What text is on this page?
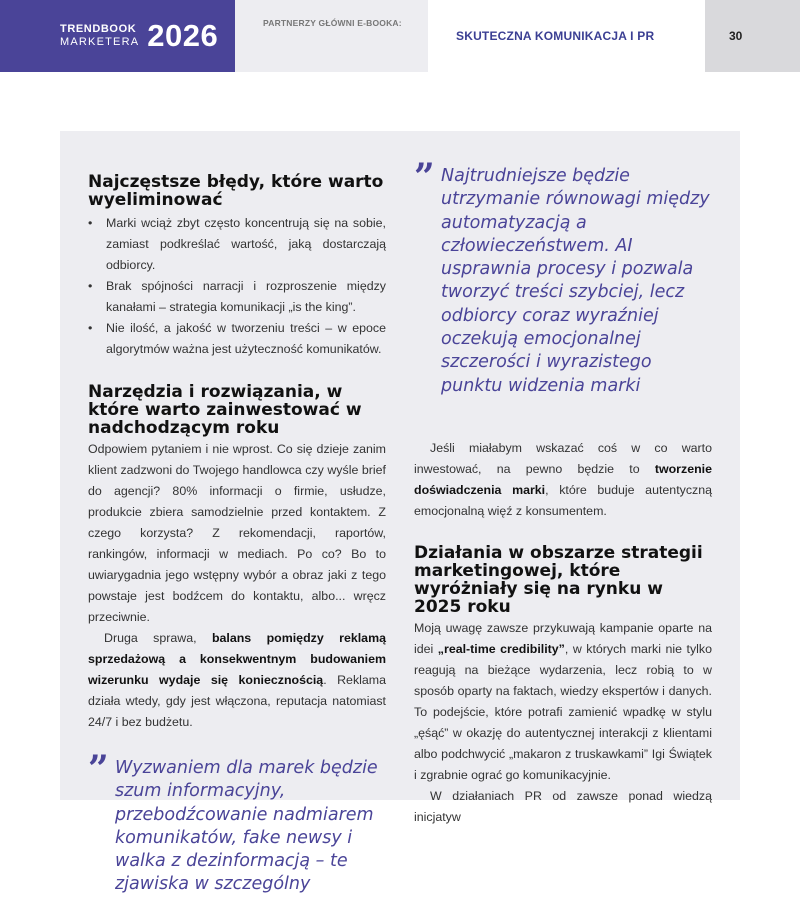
TRENDBOOK
MARKETERA 2026	PARTNERZY GŁÓWNI E-BOOKA:
SKUTECZNA KOMUNIKACJA I PR	30
Najczęstsze błędy, które warto wyeliminować
• Marki wciąż zbyt często koncentrują się na sobie, zamiast podkreślać wartość, jaką dostarczają odbiorcy.
• Brak spójności narracji i rozproszenie między kanałami – strategia komunikacji „is the king”.
• Nie ilość, a jakość w tworzeniu treści – w epoce algorytmów ważna jest użyteczność komunikatów.
Narzędzia i rozwiązania, w które warto zainwestować w nadchodzącym roku

Odpowiem pytaniem i nie wprost. Co się dzieje zanim klient zadzwoni do Twojego handlowca czy wyśle brief do agencji? 80% informacji o firmie, usłudze, produkcie zbiera samodzielnie przed kontaktem. Z czego korzysta? Z rekomendacji, raportów, rankingów, informacji w mediach. Po co? Bo to uwiarygadnia jego wstępny wybór a obraz jaki z tego powstaje jest bodźcem do kontaktu, albo... wręcz przeciwnie.

Druga sprawa, balans pomiędzy reklamą sprzedażową a konsekwentnym budowaniem wizerunku wydaje się koniecznością. Reklama działa wtedy, gdy jest włączona, reputacja natomiast 24/7 i bez budżetu.

” Wyzwaniem dla marek będzie szum informacyjny, przebodźcowanie nadmiarem komunikatów, fake newsy i walka z dezinformacją – te zjawiska w szczególny
” Najtrudniejsze będzie utrzymanie równowagi między automatyzacją a człowieczeństwem. AI usprawnia procesy i pozwala tworzyć treści szybciej, lecz odbiorcy coraz wyraźniej oczekują emocjonalnej szczerości i wyrazistego punktu widzenia marki

Jeśli miałabym wskazać coś w co warto inwestować, na pewno będzie to tworzenie doświadczenia marki, które buduje autentyczną emocjonalną więź z konsumentem.

Działania w obszarze strategii marketingowej, które wyróżniały się na rynku w 2025 roku

Moją uwagę zawsze przykuwają kampanie oparte na idei „real-time credibility”, w których marki nie tylko reagują na bieżące wydarzenia, lecz robią to w sposób oparty na faktach, wiedzy ekspertów i danych. To podejście, które potrafi zamienić wpadkę w stylu „ęśąć” w okazję do autentycznej interakcji z klientami albo podchwycić „makaron z truskawkami” Igi Świątek i zgrabnie ograć go komunikacyjnie.

W działaniach PR od zawsze ponad wiedzą inicjatyw
